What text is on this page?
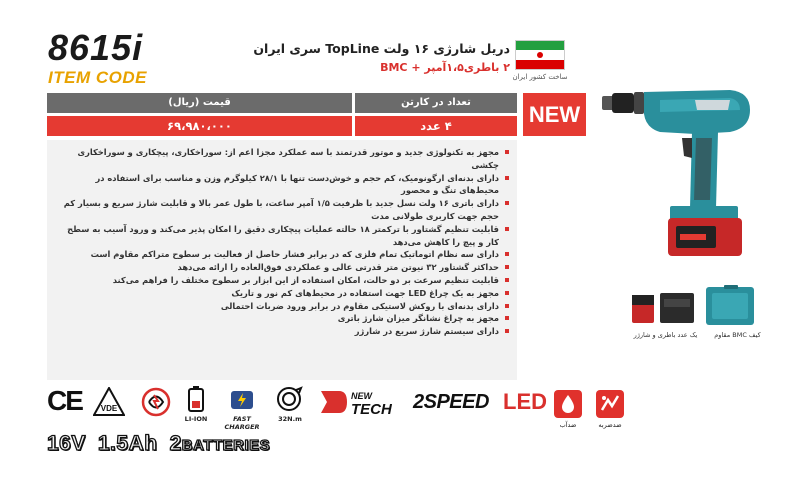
8615i
ITEM CODE
دریل شارژی ۱۶ ولت TopLine سری ایران
۲ باطری۱،۵آمپر + BMC
ساخت کشور ایران
قیمت (ریال)	تعداد در کارتن
۶۹،۹۸۰،۰۰۰	۴ عدد	NEW
مجهز به تکنولوژی جدید و موتور قدرتمند با سه عملکرد مجزا اعم از: سوراخکاری، پیچکاری و سوراخکاری چکشی
دارای بدنه‌ای ارگونومیک، کم حجم و خوش‌دست تنها با ۲۸/۱ کیلوگرم وزن و مناسب برای استفاده در محیط‌های تنگ و محصور
دارای باتری ۱۶ ولت نسل جدید با ظرفیت ۱/۵ آمپر ساعت، با طول عمر بالا و قابلیت شارژ سریع و بسیار کم حجم جهت کاربری طولانی مدت
قابلیت تنظیم گشتاور با ترکمتر ۱۸ حالته عملیات پیچکاری دقیق را امکان پذیر می‌کند و ورود آسیب به سطح کار و پیچ را کاهش می‌دهد
دارای سه نظام اتوماتیک تمام فلزی که در برابر فشار حاصل از فعالیت بر سطوح متراکم مقاوم است
حداکثر گشتاور ۳۲ نیوتن متر قدرتی عالی و عملکردی فوق‌العاده را ارائه می‌دهد
قابلیت تنظیم سرعت بر دو حالت، امکان استفاده از این ابزار بر سطوح مختلف را فراهم می‌کند
مجهز به یک چراغ LED جهت استفاده در محیط‌های کم نور و تاریک
دارای بدنه‌ای با روکش لاستیکی مقاوم در برابر ورود ضربات احتمالی
مجهز به چراغ نشانگر میزان شارژ باتری
دارای سیستم شارژ سریع در شارژر	کیف BMC مقاوم
یک عدد باطری و شارژر
CE VDE
LI-ION	FAST CHARGER
32N.m
NEW
TECH 2SPEED LED
ضدآب	ضدضربه
16V 1.5Ah 2 BATTERIES
